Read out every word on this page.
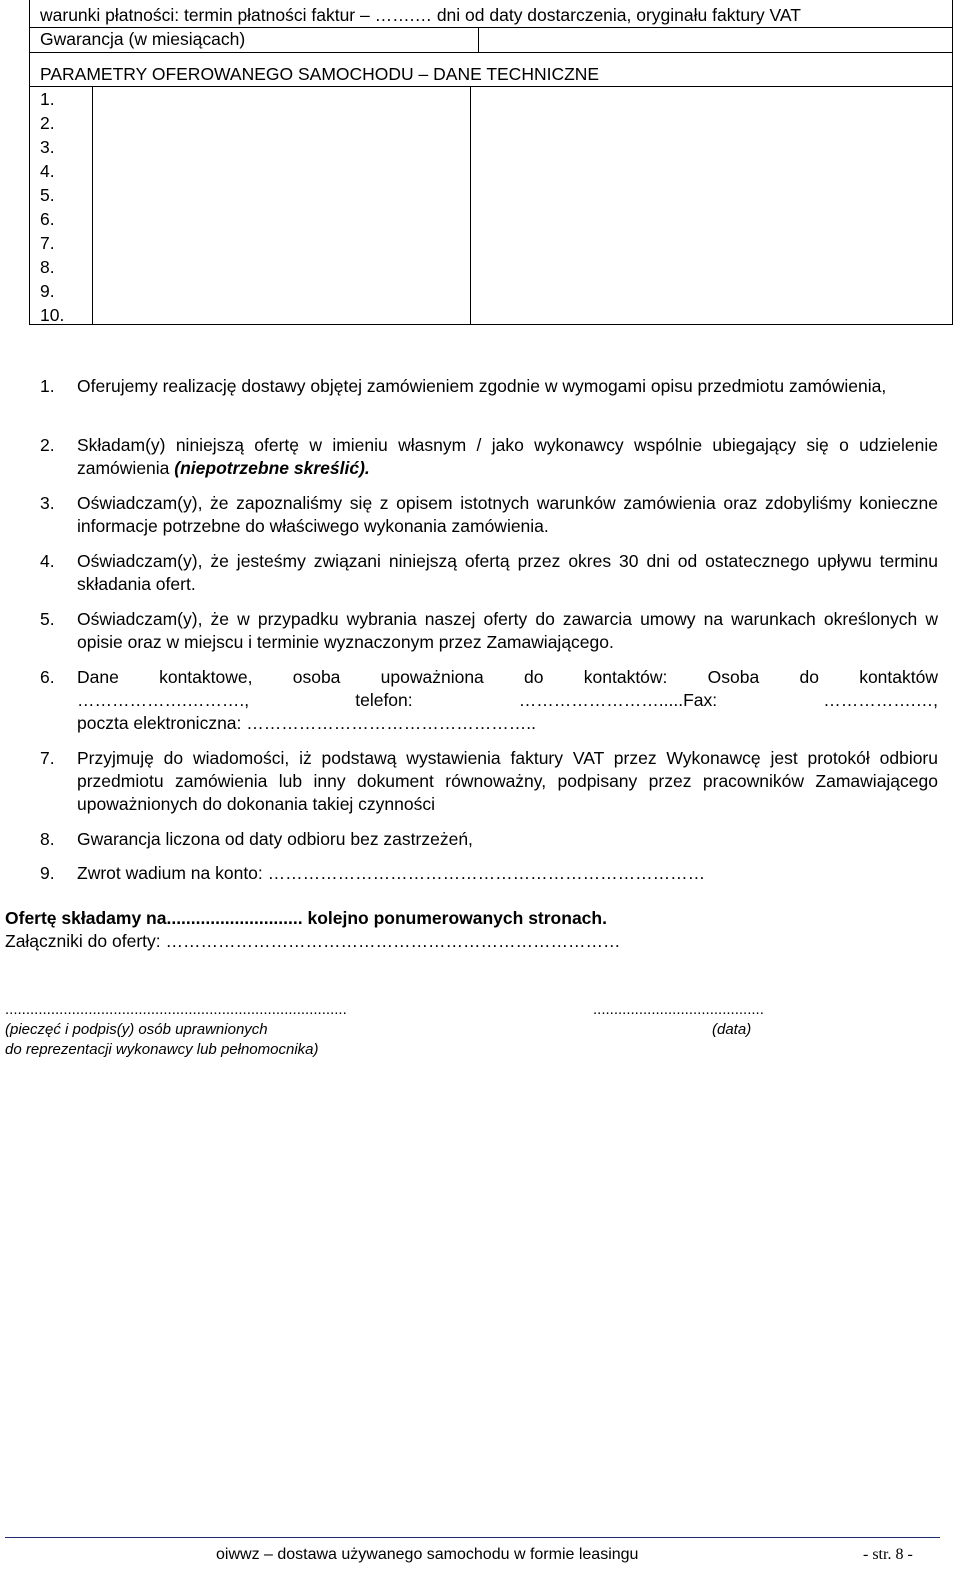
warunki płatności: termin płatności faktur – …….… dni od daty dostarczenia, oryginału faktury VAT
Gwarancja (w miesiącach)
PARAMETRY OFEROWANEGO SAMOCHODU – DANE TECHNICZNE
1.
2.
3.
4.
5.
6.
7.
8.
9.
10.
1. Oferujemy realizację dostawy objętej zamówieniem zgodnie w wymogami opisu przedmiotu zamówienia,
2. Składam(y) niniejszą ofertę w imieniu własnym / jako wykonawcy wspólnie ubiegający się o udzielenie zamówienia (niepotrzebne skreślić).
3. Oświadczam(y), że zapoznaliśmy się z opisem istotnych warunków zamówienia oraz zdobyliśmy konieczne informacje potrzebne do właściwego wykonania zamówienia.
4. Oświadczam(y), że jesteśmy związani niniejszą ofertą przez okres 30 dni od ostatecznego upływu terminu składania ofert.
5. Oświadczam(y), że w przypadku wybrania naszej oferty do zawarcia umowy na warunkach określonych w opisie oraz w miejscu i terminie wyznaczonym przez Zamawiającego.
6. Dane kontaktowe, osoba upoważniona do kontaktów: Osoba do kontaktów
……………….………., telefon: …………………….....Fax: …………….…,
poczta elektroniczna: …………………………………………..
7. Przyjmuję do wiadomości, iż podstawą wystawienia faktury VAT przez Wykonawcę jest protokół odbioru przedmiotu zamówienia lub inny dokument równoważny, podpisany przez pracowników Zamawiającego upoważnionych do dokonania takiej czynności
8. Gwarancja liczona od daty odbioru bez zastrzeżeń,
9. Zwrot wadium na konto: …………………………………………………………………
Ofertę składamy na............................ kolejno ponumerowanych stronach.
Załączniki do oferty: ……………………………………………………………………
..................................................................................	.........................................
(pieczęć i podpis(y) osób uprawnionych
do reprezentacji wykonawcy lub pełnomocnika)
(data)
oiwwz – dostawa używanego samochodu w formie leasingu	- str. 8 -
